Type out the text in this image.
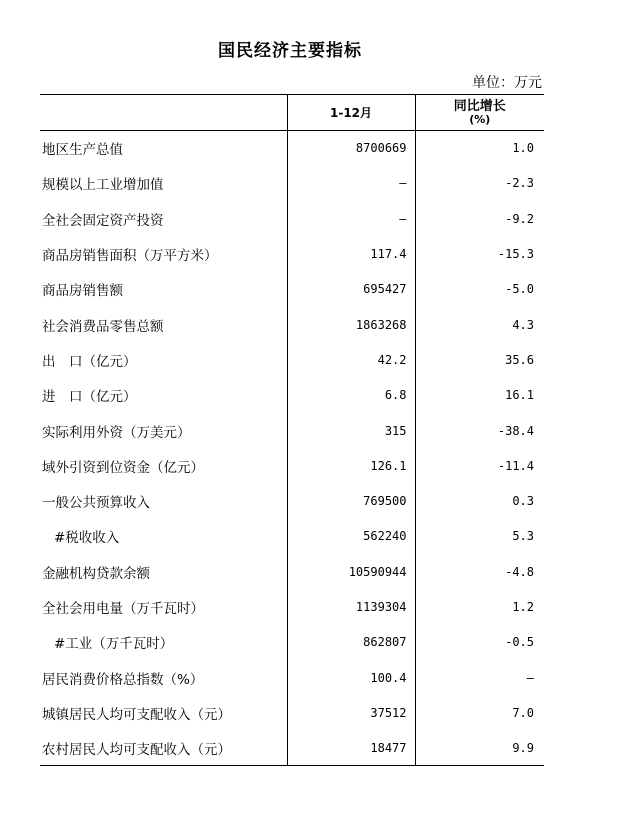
国民经济主要指标
单位：万元
	1-12月	同比增长
(%)

地区生产总值	8700669	1.0
规模以上工业增加值	—	-2.3
全社会固定资产投资	—	-9.2
商品房销售面积（万平方米）	117.4	-15.3
商品房销售额	695427	-5.0
社会消费品零售总额	1863268	4.3
出　口（亿元）	42.2	35.6
进　口（亿元）	6.8	16.1
实际利用外资（万美元）	315	-38.4
域外引资到位资金（亿元）	126.1	-11.4
一般公共预算收入	769500	0.3
#税收收入	562240	5.3
金融机构贷款余额	10590944	-4.8
全社会用电量（万千瓦时）	1139304	1.2
#工业（万千瓦时）	862807	-0.5
居民消费价格总指数（%）	100.4	—
城镇居民人均可支配收入（元）	37512	7.0
农村居民人均可支配收入（元）	18477	9.9
